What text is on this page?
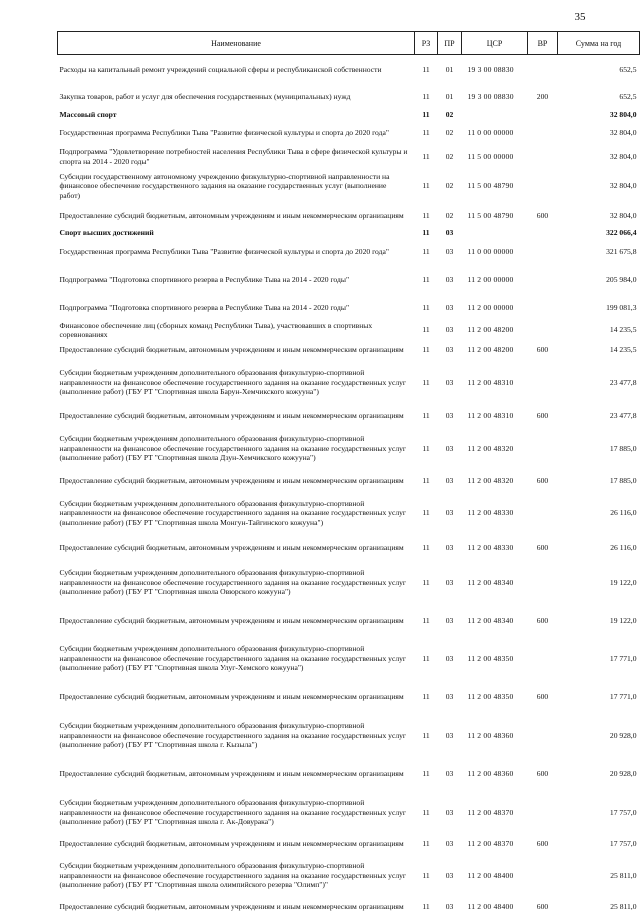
35
Наименование	РЗ	ПР	ЦСР	ВР	Сумма на год
Расходы на капитальный ремонт учреждений социальной сферы и республиканской собственности	11	01	19 3 00 08830		652,5
Закупка товаров, работ и услуг для обеспечения государственных (муниципальных) нужд	11	01	19 3 00 08830	200	652,5
Массовый спорт	11	02			32 804,0
Государственная программа Республики Тыва "Развитие физической культуры и спорта до 2020 года"	11	02	11 0 00 00000		32 804,0
Подпрограмма "Удовлетворение потребностей населения Республики Тыва в сфере физической культуры и спорта на 2014 - 2020 годы"	11	02	11 5 00 00000		32 804,0
Субсидии государственному автономному учреждению физкультурно-спортивной направленности на финансовое обеспечение государственного задания на оказание государственных услуг (выполнение работ)	11	02	11 5 00 48790		32 804,0
Предоставление субсидий бюджетным, автономным учреждениям и иным некоммерческим организациям	11	02	11 5 00 48790	600	32 804,0
Спорт высших достижений	11	03			322 066,4
Государственная программа Республики Тыва "Развитие физической культуры и спорта до 2020 года"	11	03	11 0 00 00000		321 675,8
Подпрограмма "Подготовка спортивного резерва в Республике Тыва на 2014 - 2020 годы"	11	03	11 2 00 00000		205 984,0
Подпрограмма "Подготовка спортивного резерва в Республике Тыва на 2014 - 2020 годы"	11	03	11 2 00 00000		199 081,3
Финансовое обеспечение лиц (сборных команд Республики Тыва), участвовавших в спортивных соревнованиях	11	03	11 2 00 48200		14 235,5
Предоставление субсидий бюджетным, автономным учреждениям и иным некоммерческим организациям	11	03	11 2 00 48200	600	14 235,5
Субсидии бюджетным учреждениям дополнительного образования физкультурно-спортивной направленности на финансовое обеспечение государственного задания на оказание государственных услуг (выполнение работ) (ГБУ РТ "Спортивная школа Барун-Хемчикского кожууна")	11	03	11 2 00 48310		23 477,8
Предоставление субсидий бюджетным, автономным учреждениям и иным некоммерческим организациям	11	03	11 2 00 48310	600	23 477,8
Субсидии бюджетным учреждениям дополнительного образования физкультурно-спортивной направленности на финансовое обеспечение государственного задания на оказание государственных услуг (выполнение работ) (ГБУ РТ "Спортивная школа Дзун-Хемчикского кожууна")	11	03	11 2 00 48320		17 885,0
Предоставление субсидий бюджетным, автономным учреждениям и иным некоммерческим организациям	11	03	11 2 00 48320	600	17 885,0
Субсидии бюджетным учреждениям дополнительного образования физкультурно-спортивной направленности на финансовое обеспечение государственного задания на оказание государственных услуг (выполнение работ) (ГБУ РТ "Спортивная школа Монгун-Тайгинского кожууна")	11	03	11 2 00 48330		26 116,0
Предоставление субсидий бюджетным, автономным учреждениям и иным некоммерческим организациям	11	03	11 2 00 48330	600	26 116,0
Субсидии бюджетным учреждениям дополнительного образования физкультурно-спортивной направленности на финансовое обеспечение государственного задания на оказание государственных услуг (выполнение работ) (ГБУ РТ "Спортивная школа Овюрского кожууна")	11	03	11 2 00 48340		19 122,0
Предоставление субсидий бюджетным, автономным учреждениям и иным некоммерческим организациям	11	03	11 2 00 48340	600	19 122,0
Субсидии бюджетным учреждениям дополнительного образования физкультурно-спортивной направленности на финансовое обеспечение государственного задания на оказание государственных услуг (выполнение работ) (ГБУ РТ "Спортивная школа Улуг-Хемского кожууна")	11	03	11 2 00 48350		17 771,0
Предоставление субсидий бюджетным, автономным учреждениям и иным некоммерческим организациям	11	03	11 2 00 48350	600	17 771,0
Субсидии бюджетным учреждениям дополнительного образования физкультурно-спортивной направленности на финансовое обеспечение государственного задания на оказание государственных услуг (выполнение работ) (ГБУ РТ "Спортивная школа г. Кызыла")	11	03	11 2 00 48360		20 928,0
Предоставление субсидий бюджетным, автономным учреждениям и иным некоммерческим организациям	11	03	11 2 00 48360	600	20 928,0
Субсидии бюджетным учреждениям дополнительного образования физкультурно-спортивной направленности на финансовое обеспечение государственного задания на оказание государственных услуг (выполнение работ) (ГБУ РТ "Спортивная школа г. Ак-Довурака")	11	03	11 2 00 48370		17 757,0
Предоставление субсидий бюджетным, автономным учреждениям и иным некоммерческим организациям	11	03	11 2 00 48370	600	17 757,0
Субсидии бюджетным учреждениям дополнительного образования физкультурно-спортивной направленности на финансовое обеспечение государственного задания на оказание государственных услуг (выполнение работ) (ГБУ РТ "Спортивная школа олимпийского резерва "Олимп")"	11	03	11 2 00 48400		25 811,0
Предоставление субсидий бюджетным, автономным учреждениям и иным некоммерческим организациям	11	03	11 2 00 48400	600	25 811,0
